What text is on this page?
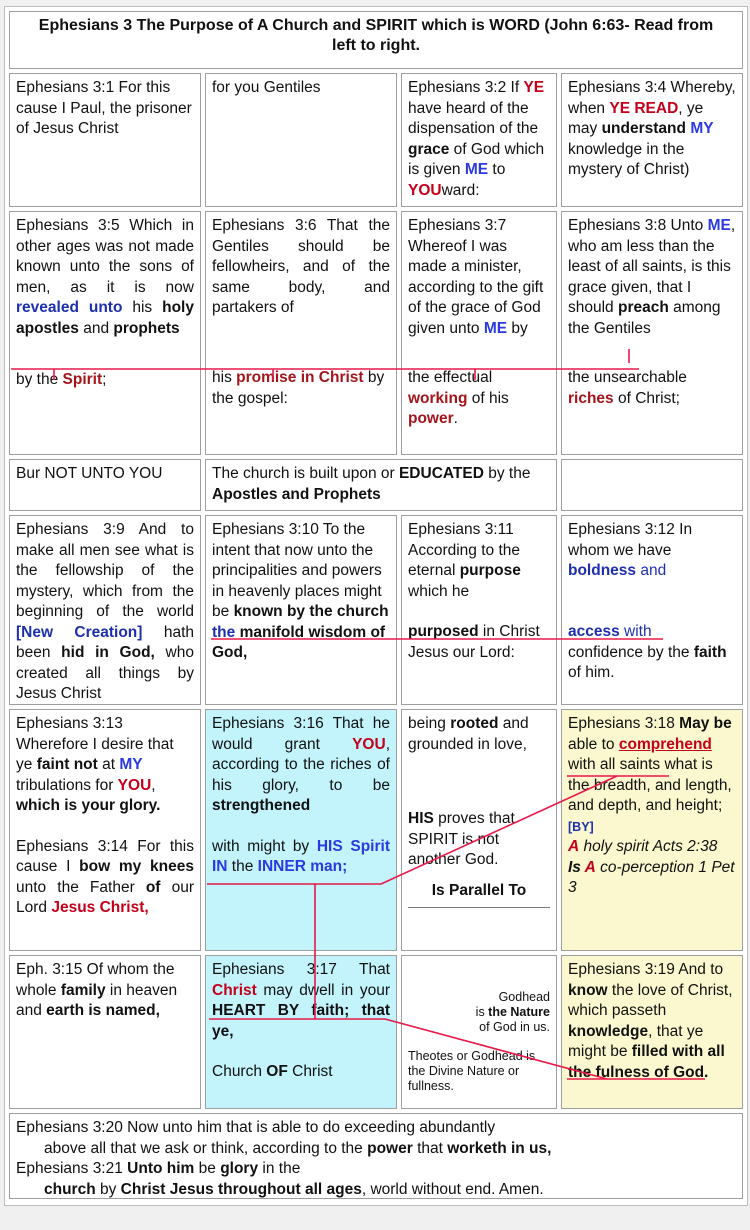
Ephesians 3 The Purpose of A Church and SPIRIT which is WORD (John 6:63- Read from left to right.
Ephesians 3:1 For this cause I Paul, the prisoner of Jesus Christ
for you Gentiles	Ephesians 3:2 If YE have heard of the dispensation of the grace of God which is given ME to YOUward:
Ephesians 3:4 Whereby, when YE READ, ye may understand MY knowledge in the mystery of Christ)

Ephesians 3:5 Which in other ages was not made known unto the sons of men, as it is now revealed unto his holy apostles and prophets

by the Spirit;

Ephesians 3:6 That the Gentiles should be fellowheirs, and of the same body, and partakers of

his promise in Christ by the gospel:

Ephesians 3:7 Whereof I was made a minister, according to the gift of the grace of God given unto ME by

the effectual working of his power.

Ephesians 3:8 Unto ME, who am less than the least of all saints, is this grace given, that I should preach among the Gentiles

the unsearchable riches of Christ;

Bur NOT UNTO YOU	The church is built upon or EDUCATED by the Apostles and Prophets

Ephesians 3:9 And to make all men see what is the fellowship of the mystery, which from the beginning of the world [New Creation] hath been hid in God, who created all things by Jesus Christ

Ephesians 3:10 To the intent that now unto the principalities and powers in heavenly places might be known by the church the manifold wisdom of God,

Ephesians 3:11 According to the eternal purpose which he

purposed in Christ Jesus our Lord:

Ephesians 3:12 In whom we have boldness and

access with

confidence by the faith of him.

Ephesians 3:13 Wherefore I desire that ye faint not at MY tribulations for YOU, which is your glory.

Ephesians 3:14 For this cause I bow my knees unto the Father of our Lord Jesus Christ,

Ephesians 3:16 That he would grant YOU, according to the riches of his glory, to be strengthened

with might by HIS Spirit IN the INNER man;

being rooted and grounded in love,

HIS proves that SPIRIT is not another God.

Is Parallel To

Ephesians 3:18 May be able to comprehend with all saints what is the breadth, and length, and depth, and height; [BY]

A holy spirit Acts 2:38

Is A co-perception 1 Pet 3

Eph. 3:15 Of whom the whole family in heaven and earth is named,

Ephesians 3:17 That Christ may dwell in your HEART BY faith; that ye,

Church OF Christ

Godhead

is the Nature

of God in us.

Theotes or Godhead is the Divine Nature or fullness.

Ephesians 3:19 And to know the love of Christ, which passeth knowledge, that ye might be filled with all the fulness of God.

Ephesians 3:20 Now unto him that is able to do exceeding abundantly

above all that we ask or think, according to the power that worketh in us,

Ephesians 3:21 Unto him be glory in the

church by Christ Jesus throughout all ages, world without end. Amen.
